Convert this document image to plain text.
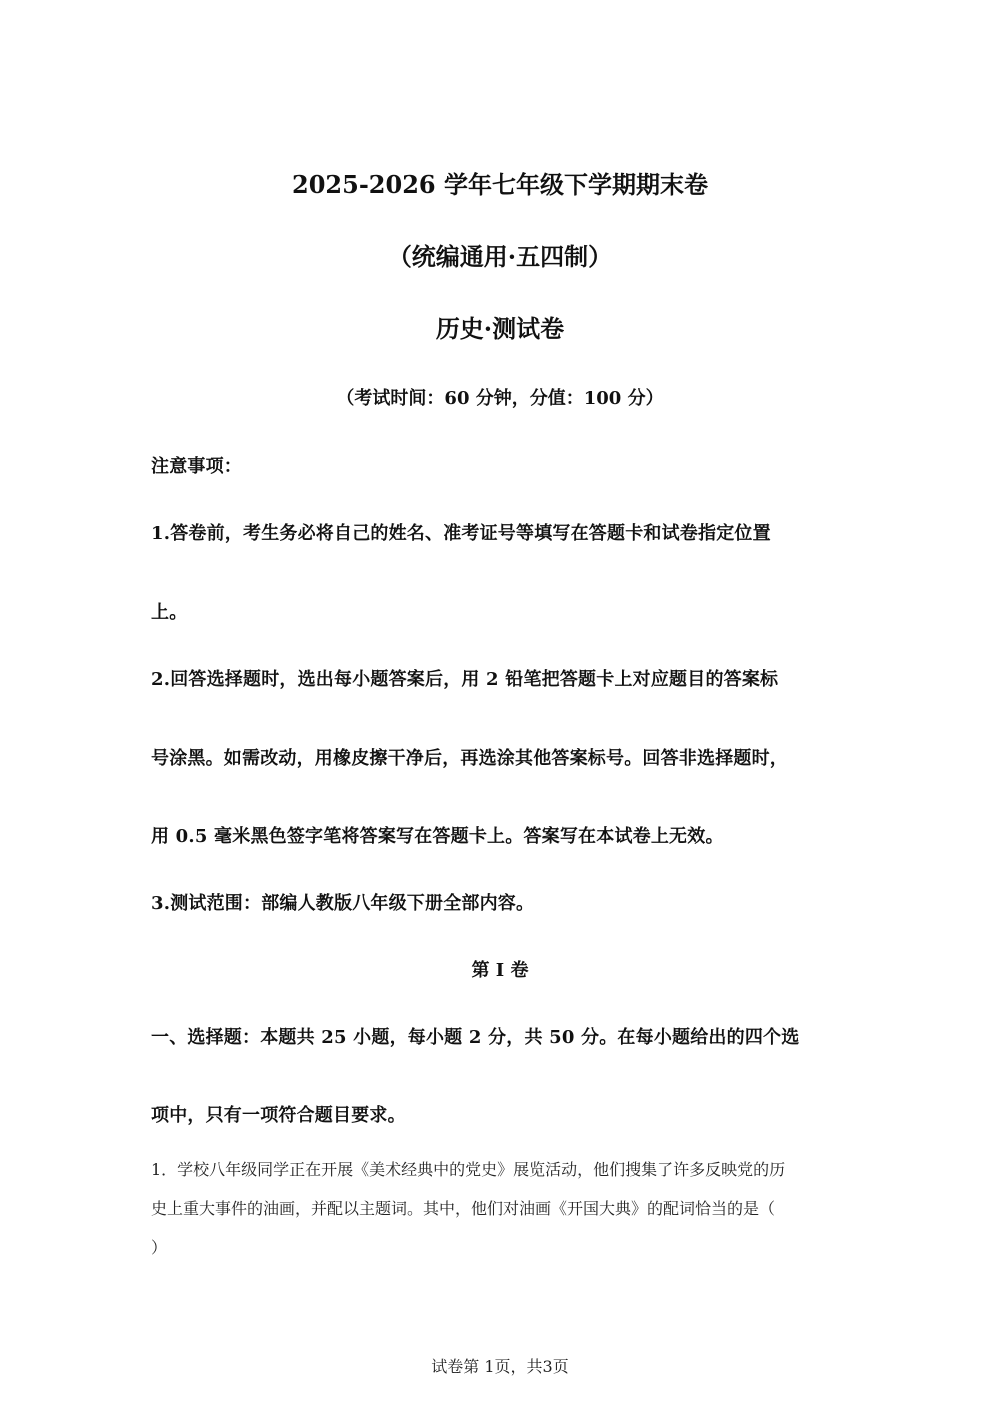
2025-2026 学年七年级下学期期末卷

（统编通用·五四制）

历史·测试卷

（考试时间：60 分钟，分值：100 分）

注意事项：

1.答卷前，考生务必将自己的姓名、准考证号等填写在答题卡和试卷指定位置

上。

2.回答选择题时，选出每小题答案后，用 2 铅笔把答题卡上对应题目的答案标

号涂黑。如需改动，用橡皮擦干净后，再选涂其他答案标号。回答非选择题时，

用 0.5 毫米黑色签字笔将答案写在答题卡上。答案写在本试卷上无效。

3.测试范围：部编人教版八年级下册全部内容。

第 I 卷

一、选择题：本题共 25 小题，每小题 2 分，共 50 分。在每小题给出的四个选

项中，只有一项符合题目要求。

1．学校八年级同学正在开展《美术经典中的党史》展览活动，他们搜集了许多反映党的历

史上重大事件的油画，并配以主题词。其中，他们对油画《开国大典》的配词恰当的是（

）

试卷第 1页，共3页
